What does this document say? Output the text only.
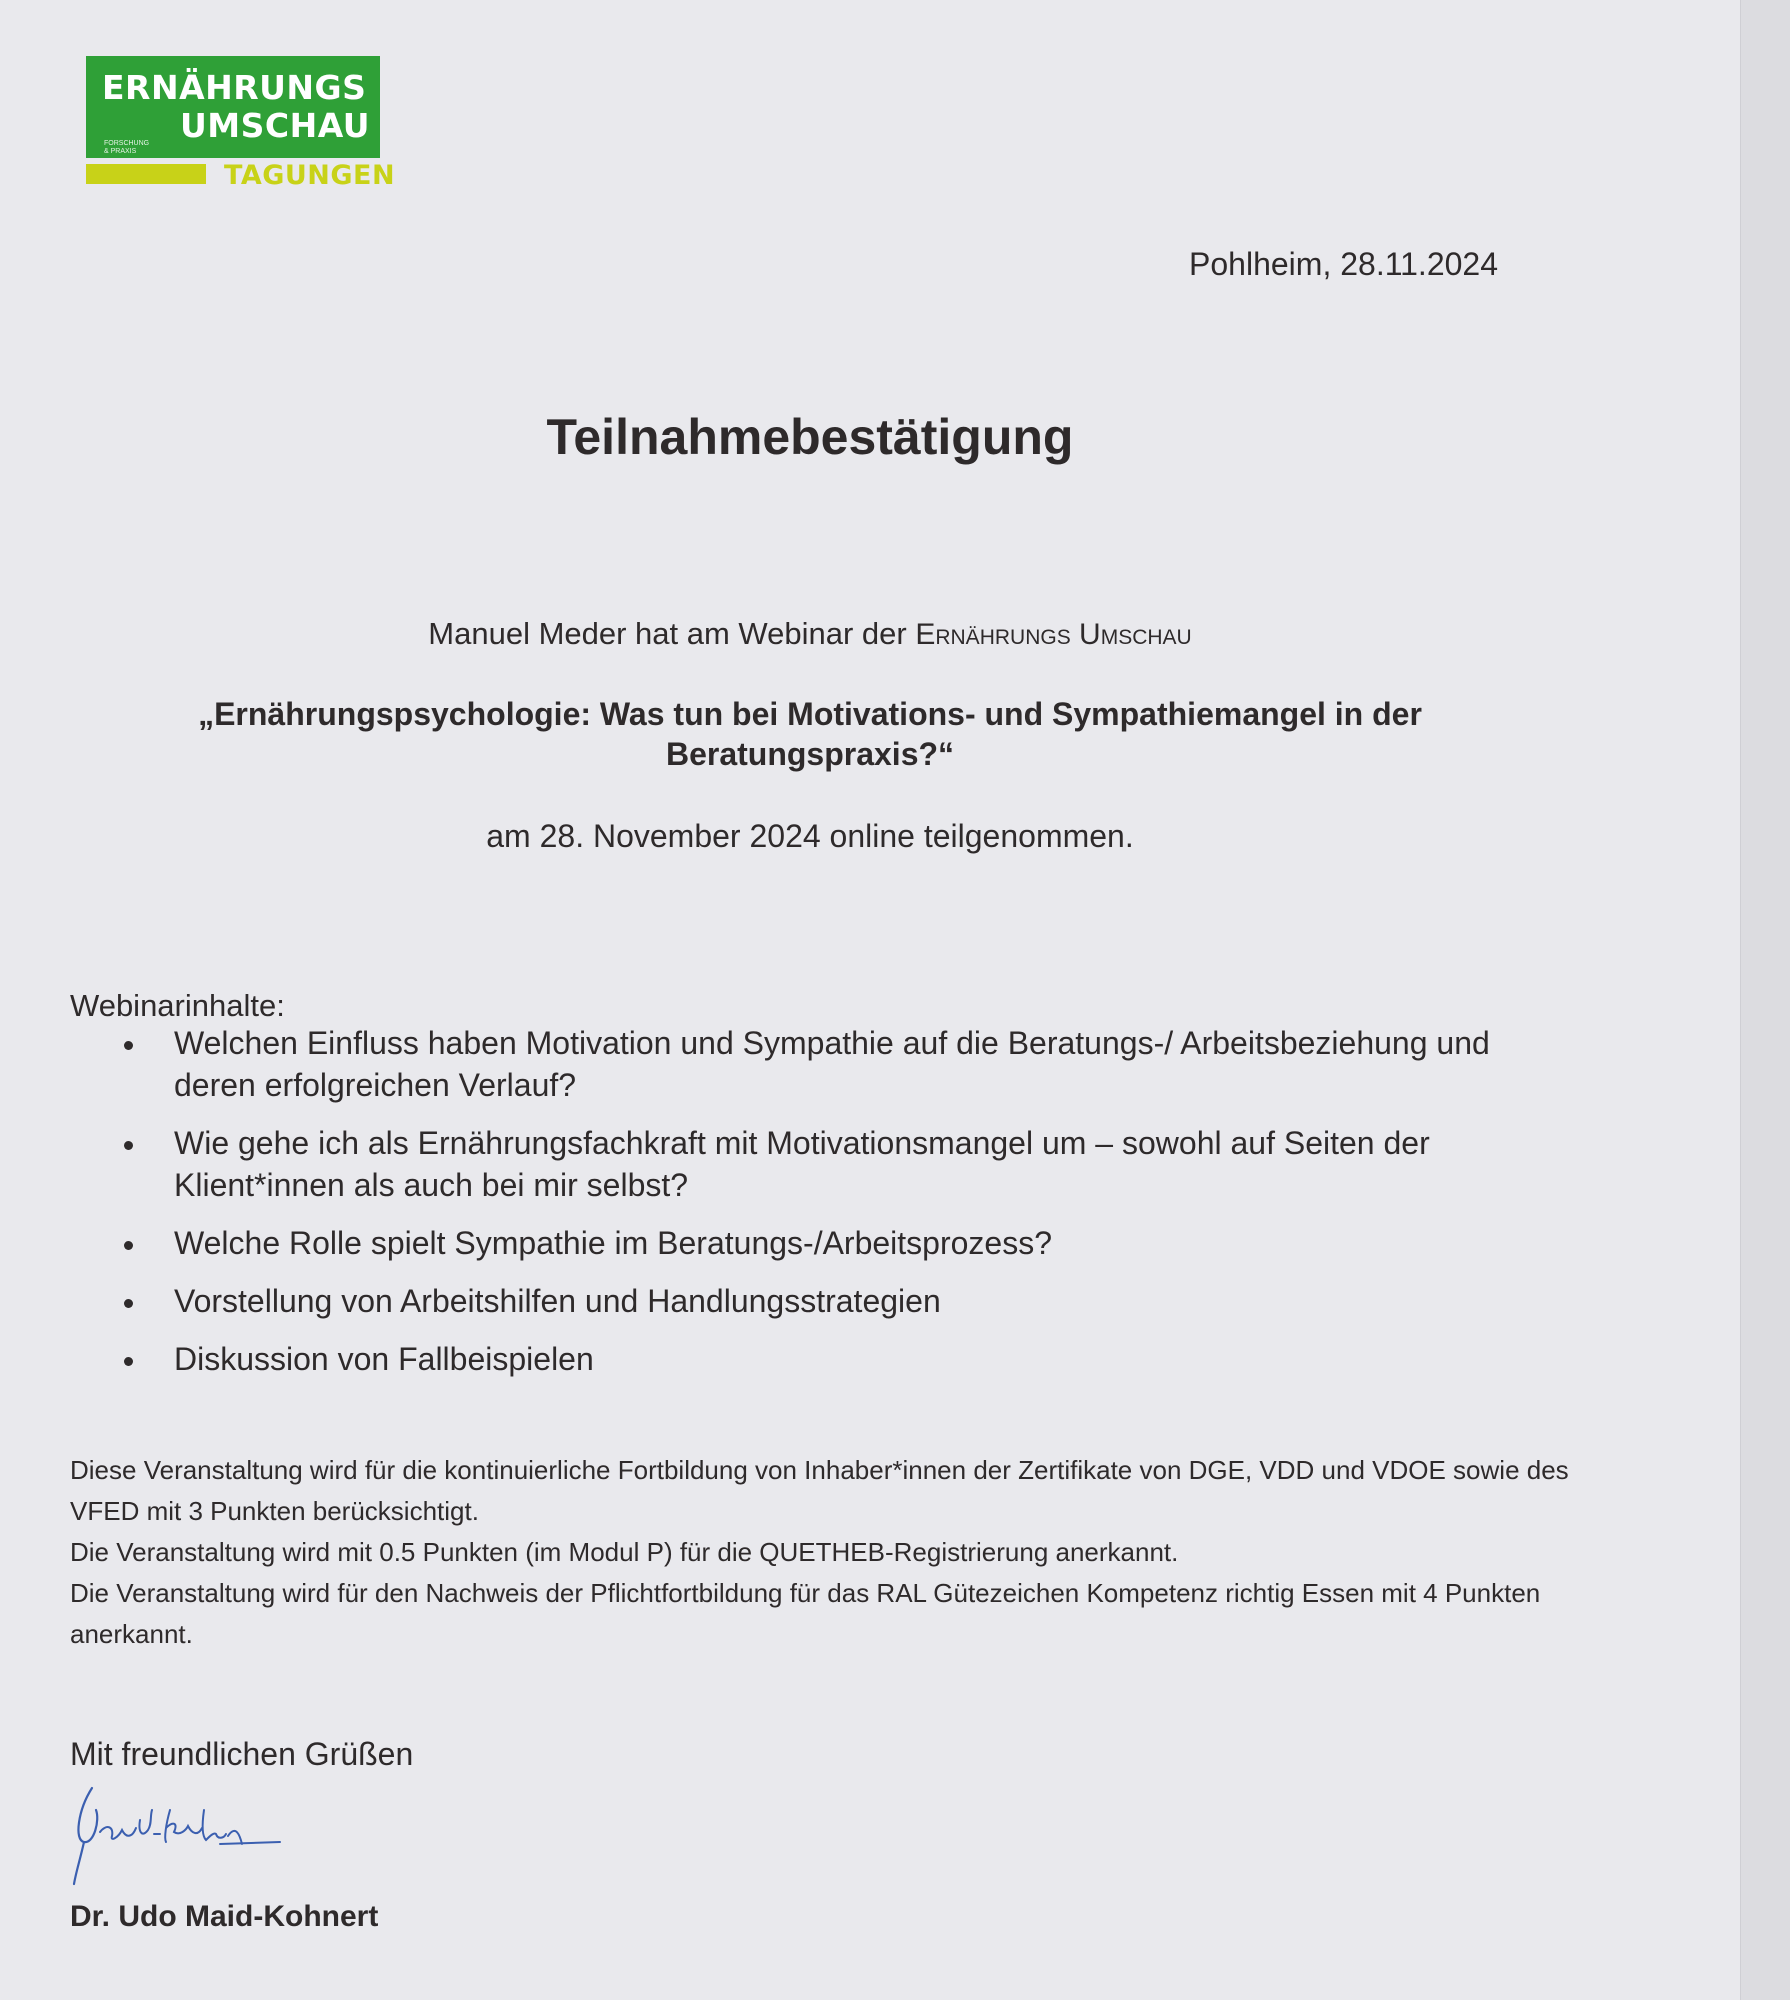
ERNÄHRUNGS
FORSCHUNG
& PRAXIS
UMSCHAU
TAGUNGEN
Pohlheim, 28.11.2024
Teilnahmebestätigung
Manuel Meder hat am Webinar der Ernährungs Umschau
„Ernährungspsychologie: Was tun bei Motivations- und Sympathiemangel in der Beratungspraxis?“
am 28. November 2024 online teilgenommen.
Webinarinhalte:
Welchen Einfluss haben Motivation und Sympathie auf die Beratungs-/ Arbeitsbeziehung und deren erfolgreichen Verlauf?
Wie gehe ich als Ernährungsfachkraft mit Motivationsmangel um – sowohl auf Seiten der Klient*innen als auch bei mir selbst?
Welche Rolle spielt Sympathie im Beratungs-/Arbeitsprozess?
Vorstellung von Arbeitshilfen und Handlungsstrategien
Diskussion von Fallbeispielen

Diese Veranstaltung wird für die kontinuierliche Fortbildung von Inhaber*innen der Zertifikate von DGE, VDD und VDOE sowie des VFED mit 3 Punkten berücksichtigt.

Die Veranstaltung wird mit 0.5 Punkten (im Modul P) für die QUETHEB-Registrierung anerkannt.

Die Veranstaltung wird für den Nachweis der Pflichtfortbildung für das RAL Gütezeichen Kompetenz richtig Essen mit 4 Punkten anerkannt.

Mit freundlichen Grüßen
Dr. Udo Maid-Kohnert
